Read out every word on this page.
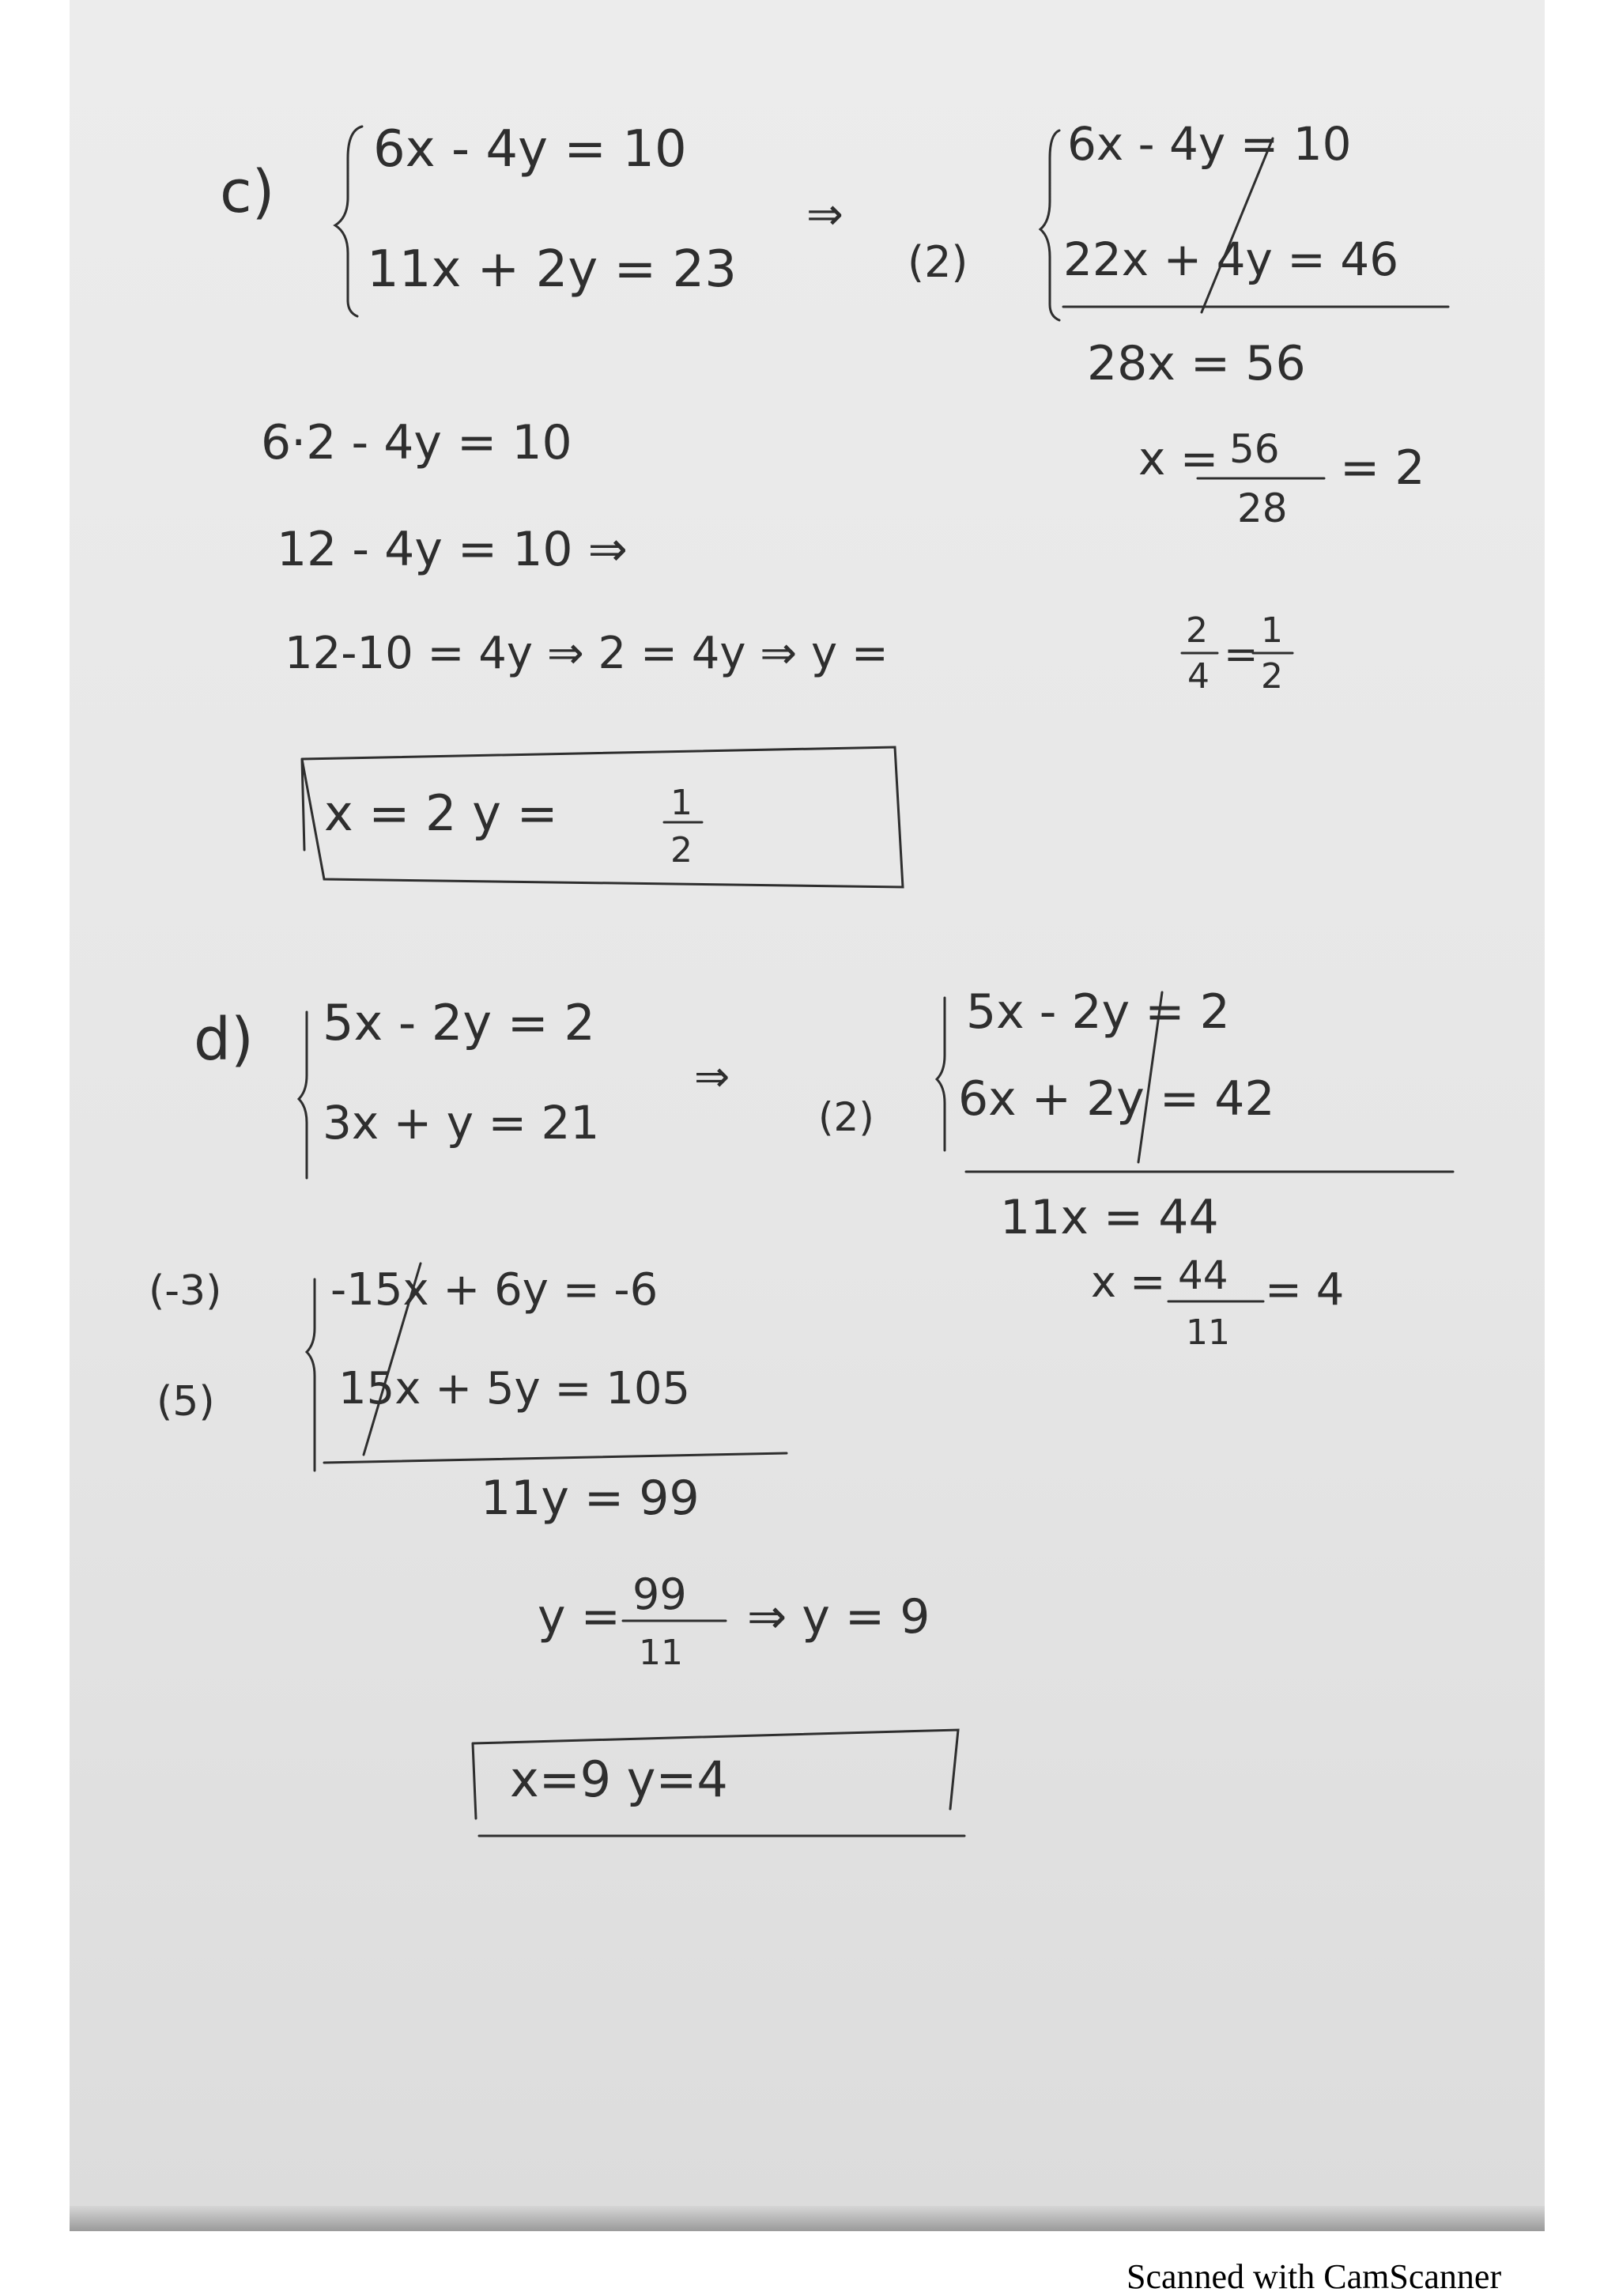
c)
6x - 4y = 10
11x + 2y = 23
⇒
(2)
6x - 4y = 10
22x + 4y = 46
28x = 56
x = 56
28
= 2
6·2 - 4y = 10
12 - 4y = 10 ⇒
12-10 = 4y ⇒ 2 = 4y ⇒ y =	2
4 =
1
2
x = 2 y =	1
2
d) 5x - 2y = 2
3x + y = 21
⇒
(2)
5x - 2y = 2
6x + 2y = 42
11x = 44
x = 44
11
= 4
(-3)
(5)
-15x + 6y = -6
15x + 5y = 105
11y = 99
y = 99
11
⇒ y = 9
x=9 y=4
Scanned with CamScanner
